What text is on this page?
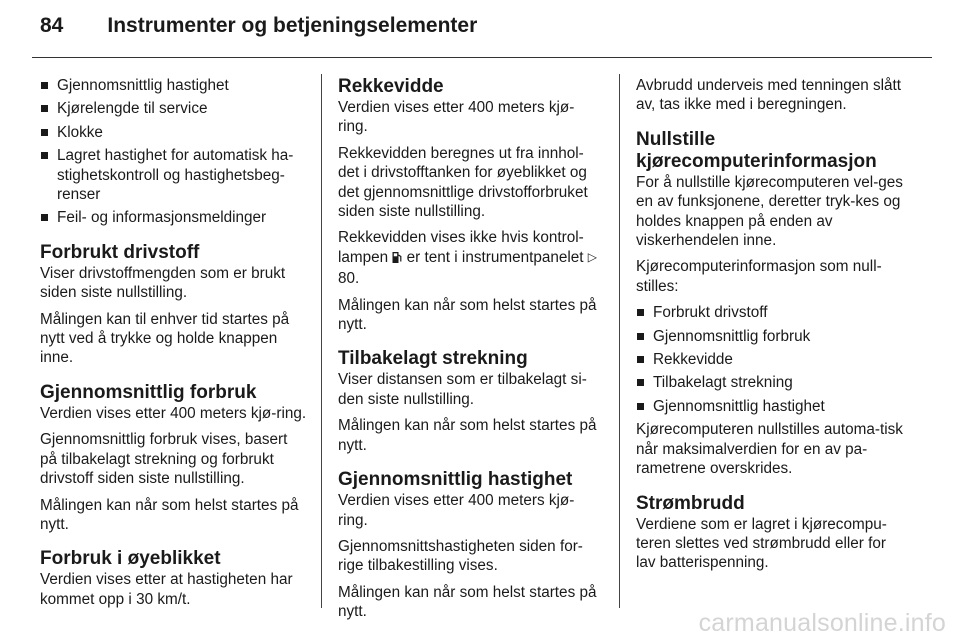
84 Instrumenter og betjeningselementer
Gjennomsnittlig hastighet
Kjørelengde til service
Klokke
Lagret hastighet for automatisk ha-stighetskontroll og hastighetsbeg-renser
Feil- og informasjonsmeldinger
Forbrukt drivstoff

Viser drivstoffmengden som er brukt siden siste nullstilling.

Målingen kan til enhver tid startes på nytt ved å trykke og holde knappen inne.

Gjennomsnittlig forbruk

Verdien vises etter 400 meters kjø-ring.

Gjennomsnittlig forbruk vises, basert på tilbakelagt strekning og forbrukt drivstoff siden siste nullstilling.

Målingen kan når som helst startes på nytt.

Forbruk i øyeblikket

Verdien vises etter at hastigheten har kommet opp i 30 km/t.

Rekkevidde

Verdien vises etter 400 meters kjø-ring.

Rekkevidden beregnes ut fra innhol-det i drivstofftanken for øyeblikket og det gjennomsnittlige drivstofforbruket siden siste nullstilling.

Rekkevidden vises ikke hvis kontrol-lampen er tent i instrumentpanelet ▷ 80.

Målingen kan når som helst startes på nytt.

Tilbakelagt strekning

Viser distansen som er tilbakelagt si-den siste nullstilling.

Målingen kan når som helst startes på nytt.

Gjennomsnittlig hastighet

Verdien vises etter 400 meters kjø-ring.

Gjennomsnittshastigheten siden for-rige tilbakestilling vises.

Målingen kan når som helst startes på nytt.

Avbrudd underveis med tenningen slått av, tas ikke med i beregningen.

Nullstille
kjørecomputerinformasjon

For å nullstille kjørecomputeren vel-ges en av funksjonene, deretter tryk-kes og holdes knappen på enden av viskerhendelen inne.

Kjørecomputerinformasjon som null-stilles:

Forbrukt drivstoff
Gjennomsnittlig forbruk
Rekkevidde
Tilbakelagt strekning
Gjennomsnittlig hastighet

Kjørecomputeren nullstilles automa-tisk når maksimalverdien for en av pa-rametrene overskrides.

Strømbrudd

Verdiene som er lagret i kjørecompu-teren slettes ved strømbrudd eller for lav batterispenning.

carmanualsonline.info
